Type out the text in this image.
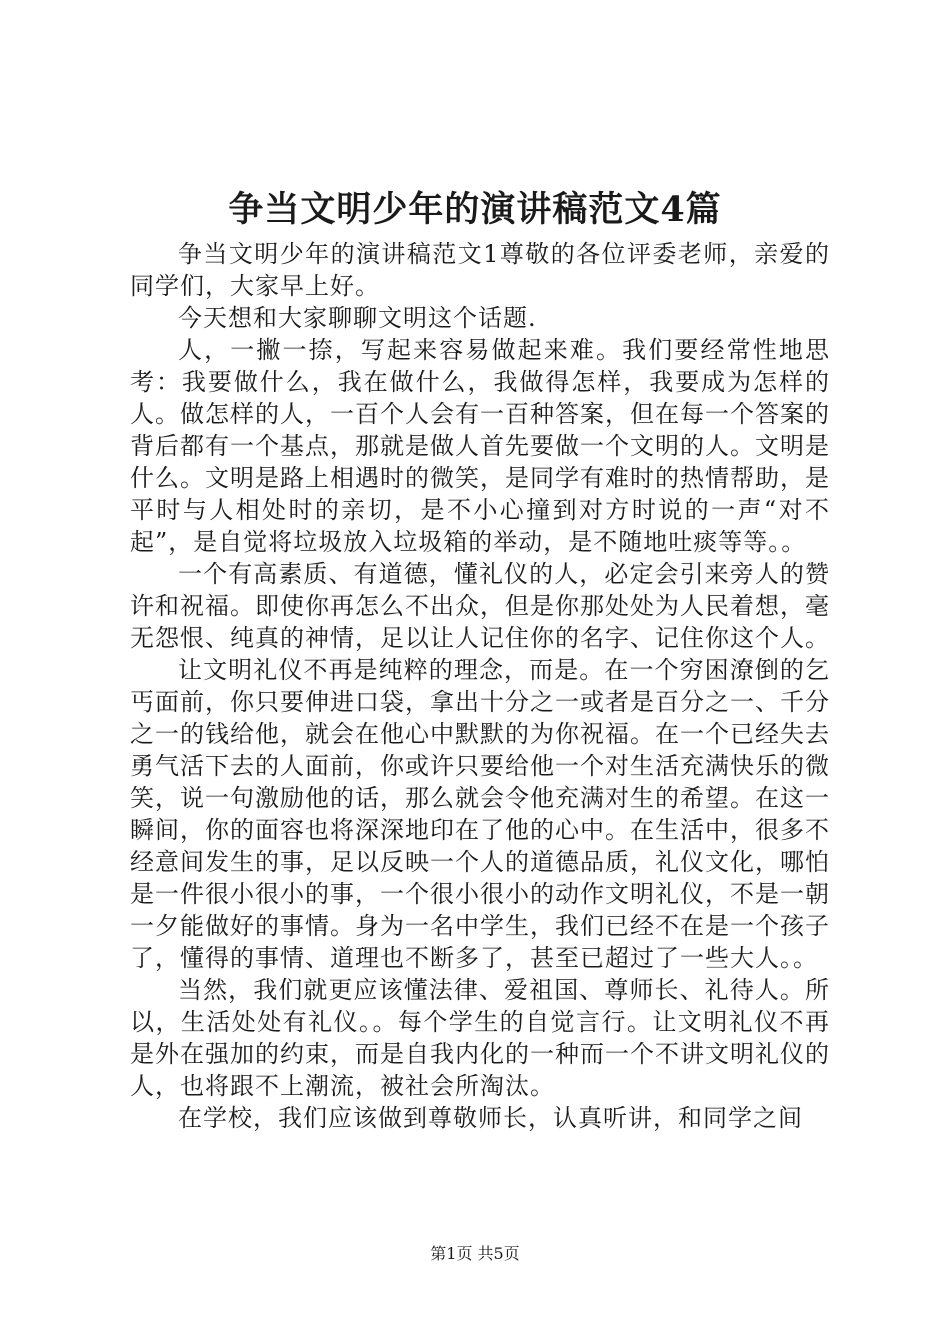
争当文明少年的演讲稿范文4篇

争当文明少年的演讲稿范文1尊敬的各位评委老师，亲爱的同学们，大家早上好。

今天想和大家聊聊文明这个话题.

人，一撇一捺，写起来容易做起来难。我们要经常性地思考：我要做什么，我在做什么，我做得怎样，我要成为怎样的人。做怎样的人，一百个人会有一百种答案，但在每一个答案的背后都有一个基点，那就是做人首先要做一个文明的人。文明是什么。文明是路上相遇时的微笑，是同学有难时的热情帮助，是平时与人相处时的亲切，是不小心撞到对方时说的一声“对不起”，是自觉将垃圾放入垃圾箱的举动，是不随地吐痰等等。。

一个有高素质、有道德，懂礼仪的人，必定会引来旁人的赞许和祝福。即使你再怎么不出众，但是你那处处为人民着想，毫无怨恨、纯真的神情，足以让人记住你的名字、记住你这个人。

让文明礼仪不再是纯粹的理念，而是。在一个穷困潦倒的乞丐面前，你只要伸进口袋，拿出十分之一或者是百分之一、千分之一的钱给他，就会在他心中默默的为你祝福。在一个已经失去勇气活下去的人面前，你或许只要给他一个对生活充满快乐的微笑，说一句激励他的话，那么就会令他充满对生的希望。在这一瞬间，你的面容也将深深地印在了他的心中。在生活中，很多不经意间发生的事，足以反映一个人的道德品质，礼仪文化，哪怕是一件很小很小的事，一个很小很小的动作文明礼仪，不是一朝一夕能做好的事情。身为一名中学生，我们已经不在是一个孩子了，懂得的事情、道理也不断多了，甚至已超过了一些大人。。

当然，我们就更应该懂法律、爱祖国、尊师长、礼待人。所以，生活处处有礼仪。。每个学生的自觉言行。让文明礼仪不再是外在强加的约束，而是自我内化的一种而一个不讲文明礼仪的人，也将跟不上潮流，被社会所淘汰。

在学校，我们应该做到尊敬师长，认真听讲，和同学之间

第1页 共5页
